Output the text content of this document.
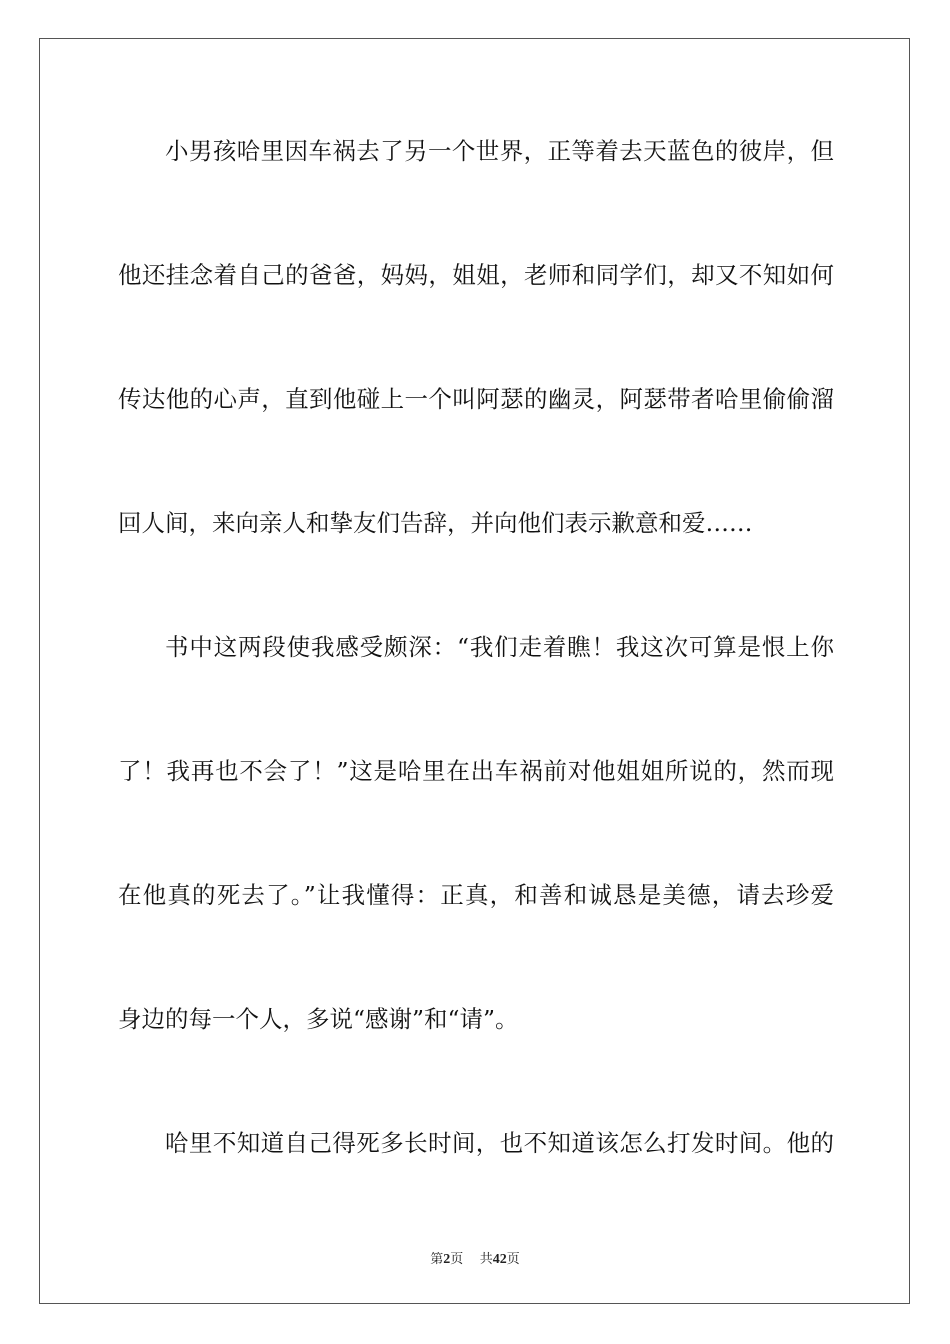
小男孩哈里因车祸去了另一个世界，正等着去天蓝色的彼岸，但
他还挂念着自己的爸爸，妈妈，姐姐，老师和同学们，却又不知如何
传达他的心声，直到他碰上一个叫阿瑟的幽灵，阿瑟带者哈里偷偷溜
回人间，来向亲人和挚友们告辞，并向他们表示歉意和爱……
书中这两段使我感受颇深：“我们走着瞧！我这次可算是恨上你
了！我再也不会了！”这是哈里在出车祸前对他姐姐所说的，然而现
在他真的死去了。”让我懂得：正真，和善和诚恳是美德，请去珍爱
身边的每一个人，多说“感谢”和“请”。
哈里不知道自己得死多长时间，也不知道该怎么打发时间。他的
第2页 共42页
